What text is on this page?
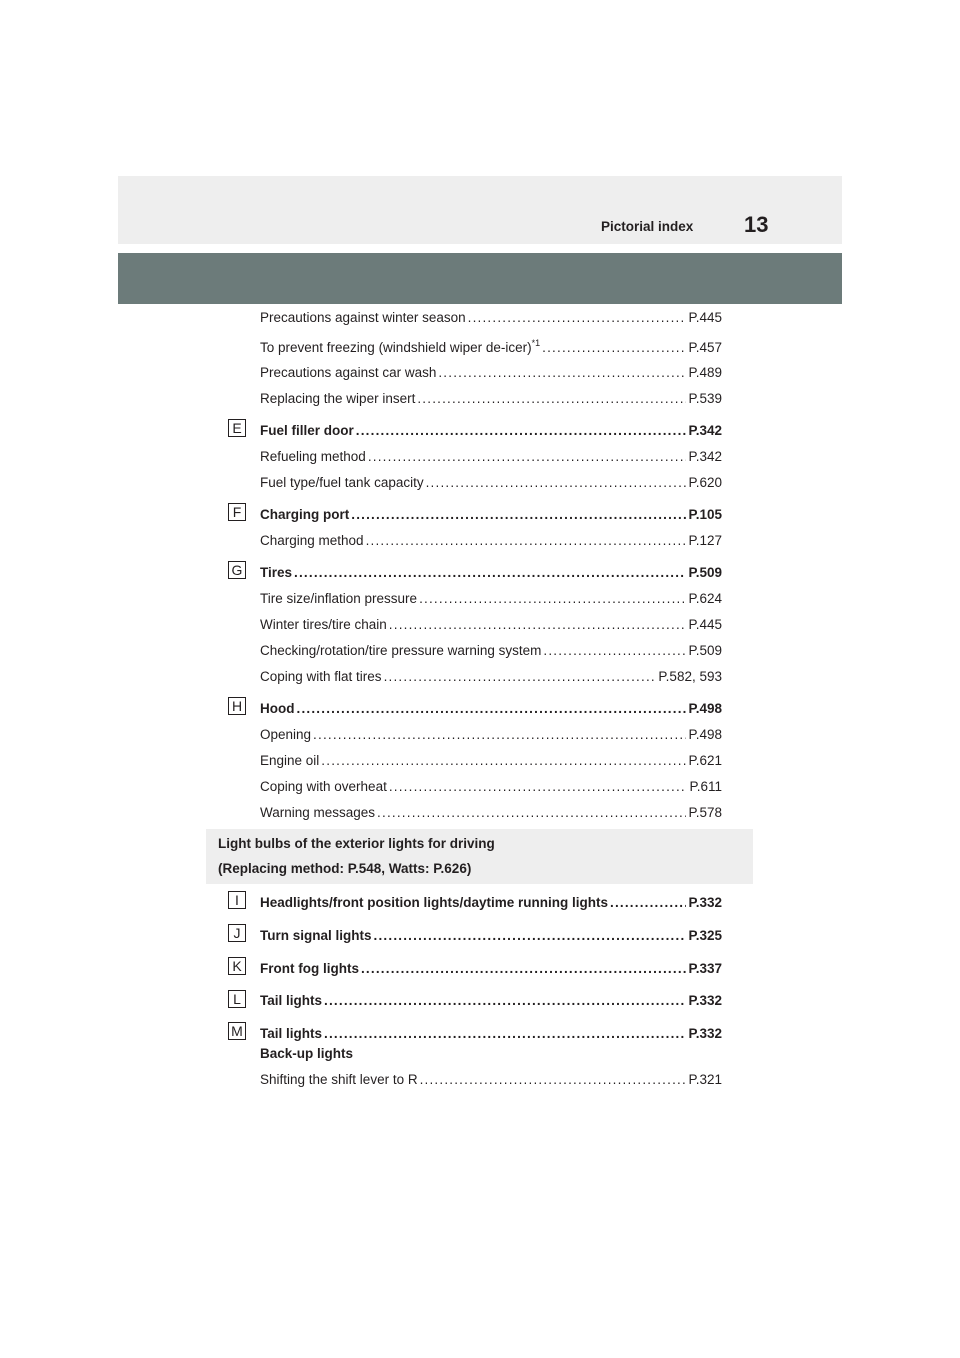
Pictorial index 13
Precautions against winter season .....	P.445
To prevent freezing (windshield wiper de-icer)$^{*1}$ .....	P.457
Precautions against car wash .....	P.489
Replacing the wiper insert .....	P.539
E	Fuel filler door .....	P.342
Refueling method .....	P.342
Fuel type/fuel tank capacity .....	P.620
F	Charging port .....	P.105
Charging method .....	P.127
G Tires .....	P.509
Tire size/inflation pressure .....	P.624
Winter tires/tire chain .....	P.445
Checking/rotation/tire pressure warning system .....	P.509
Coping with flat tires .....	P.582, 593
H Hood .....	P.498
Opening .....	P.498
Engine oil .....	P.621
Coping with overheat .....	P.611
Warning messages .....	P.578
Light bulbs of the exterior lights for driving
(Replacing method: P.548, Watts: P.626)
I	Headlights/front position lights/daytime running lights .....	P.332
J	Turn signal lights .....	P.325
K	Front fog lights .....	P.337
L	Tail lights .....	P.332
M Tail lights .....	P.332
Back-up lights
Shifting the shift lever to R .....	P.321
